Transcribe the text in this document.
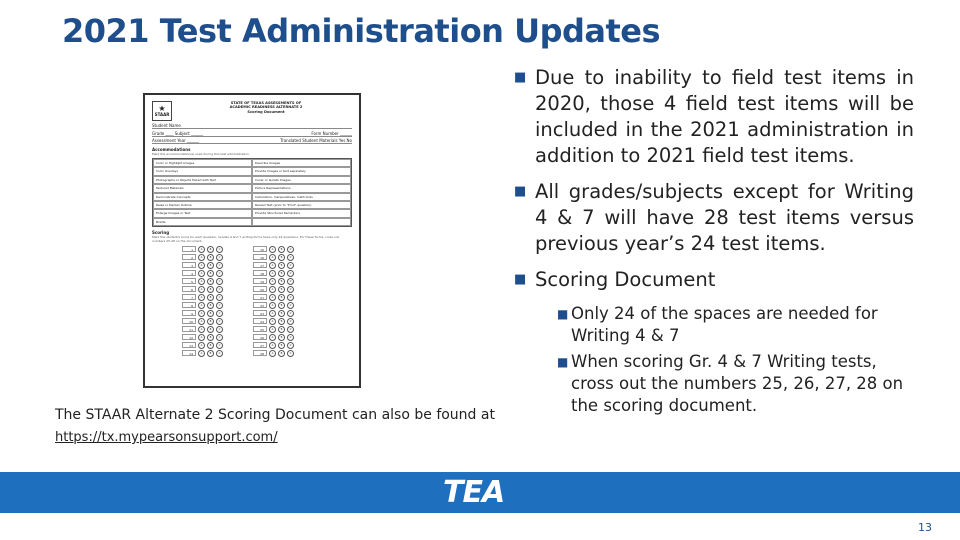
2021 Test Administration Updates
★
STAAR
STATE OF TEXAS ASSESSMENTS OF
ACADEMIC READINESS ALTERNATE 2
Scoring Document
Student Name
Grade ____ Subject ______	Form Number ______
Assessment Year ______	Translated Student Materials Yes No
Accommodations
Mark the accommodation(s) used during this test administration.
Color or Highlight Images	Describe Images
Color Overlays	Provide Images or text separately
Photographs or Objects Paired with Text	Cover or Isolate Images
Textured Materials	Picture Representations
Demonstrate Concepts	Calculators, manipulatives, math tools
Raise or Darken Outline	Reread Text (prior to "Print" question)
Enlarge Images or Text	Provide Structured Reminders
Braille
Scoring
Mark the student's score for each question. Grades 4 and 7 writing forms have only 24 questions. For these forms, cross out numbers 25-28 on the document.
1	A	B	C
2	A	B	C
3	A	B	C
4	A	B	C
5	A	B	C
6	A	B	C
7	A	B	C
8	A	B	C
9	A	B	C
10	A	B	C
11	A	B	C
12	A	B	C
13	A	B	C
14	A	B	C
15	A	B	C
16	A	B	C
17	A	B	C
18	A	B	C
19	A	B	C
20	A	B	C
21	A	B	C
22	A	B	C
23	A	B	C
24	A	B	C
25	A	B	C
26	A	B	C
27	A	B	C
28	A	B	C
The STAAR Alternate 2 Scoring Document can also be found at
https://tx.mypearsonsupport.com/
■ Due to inability to field test items in 2020, those 4 field test items will be included in the 2021 administration in addition to 2021 field test items.
■ All grades/subjects except for Writing 4 & 7 will have 28 test items versus previous year’s 24 test items.
■ Scoring Document
■ Only 24 of the spaces are needed for Writing 4 & 7
■ When scoring Gr. 4 & 7 Writing tests, cross out the numbers 25, 26, 27, 28 on the scoring document.
TEA
13
